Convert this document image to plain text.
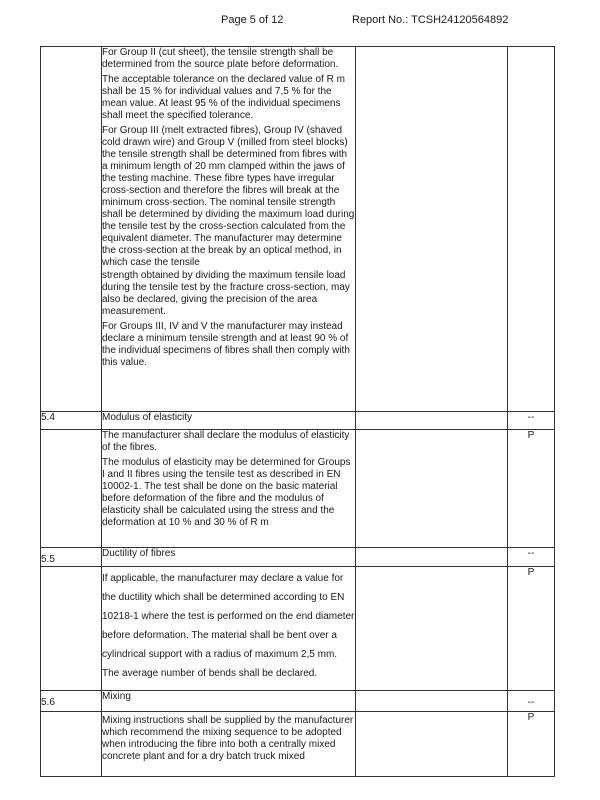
Page 5 of 12	Report No.: TCSH24120564892

	For Group II (cut sheet), the tensile strength shall be determined from the source plate before deformation.

The acceptable tolerance on the declared value of R m shall be 15 % for individual values and 7,5 % for the mean value. At least 95 % of the individual specimens shall meet the specified tolerance.

For Group III (melt extracted fibres), Group IV (shaved cold drawn wire) and Group V (milled from steel blocks) the tensile strength shall be determined from fibres with a minimum length of 20 mm clamped within the jaws of the testing machine. These fibre types have irregular cross-section and therefore the fibres will break at the minimum cross-section. The nominal tensile strength shall be determined by dividing the maximum load during the tensile test by the cross-section calculated from the equivalent diameter. The manufacturer may determine the cross-section at the break by an optical method, in which case the tensile

strength obtained by dividing the maximum tensile load during the tensile test by the fracture cross-section, may also be declared, giving the precision of the area measurement.

For Groups III, IV and V the manufacturer may instead declare a minimum tensile strength and at least 90 % of the individual specimens of fibres shall then comply with this value.		

5.4	Modulus of elasticity		--

	The manufacturer shall declare the modulus of elasticity of the fibres.

The modulus of elasticity may be determined for Groups I and II fibres using the tensile test as described in EN 10002-1. The test shall be done on the basic material before deformation of the fibre and the modulus of elasticity shall be calculated using the stress and the deformation at 10 % and 30 % of R m		P
5.5	Ductility of fibres		--

	If applicable, the manufacturer may declare a value for the ductility which shall be determined according to EN 10218-1 where the test is performed on the end diameter before deformation. The material shall be bent over a cylindrical support with a radius of maximum 2,5 mm. The average number of bends shall be declared.		P
5.6	Mixing		--

	Mixing instructions shall be supplied by the manufacturer which recommend the mixing sequence to be adopted when introducing the fibre into both a centrally mixed concrete plant and for a dry batch truck mixed		P
